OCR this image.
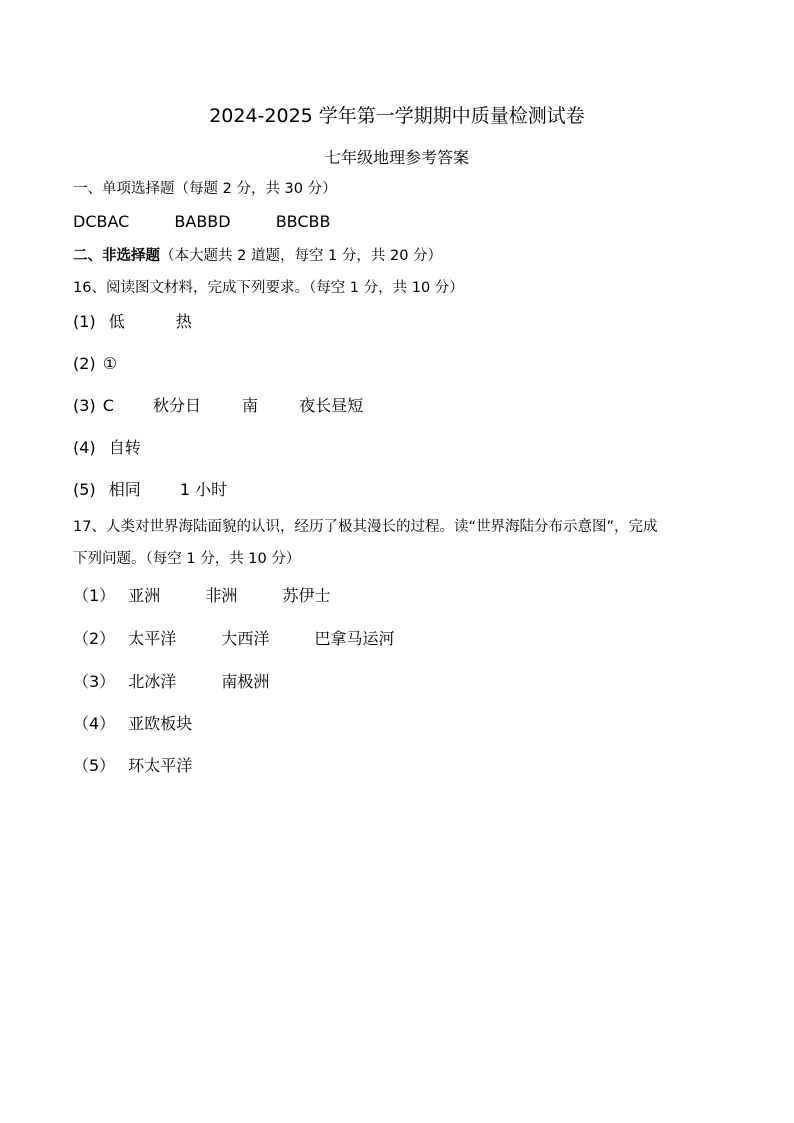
2024-2025 学年第一学期期中质量检测试卷
七年级地理参考答案
一、单项选择题（每题 2 分，共 30 分）
DCBAC	BABBD	BBCBB
二、非选择题（本大题共 2 道题，每空 1 分，共 20 分）
16、阅读图文材料，完成下列要求。（每空 1 分，共 10 分）
(1) 低	热
(2) ①
(3) C 秋分日	南	夜长昼短
(4) 自转
(5) 相同 1 小时
17、人类对世界海陆面貌的认识，经历了极其漫长的过程。读“世界海陆分布示意图”，完成
下列问题。（每空 1 分，共 10 分）
（1） 亚洲	非洲	苏伊士
（2） 太平洋	大西洋	巴拿马运河
（3） 北冰洋	南极洲
（4） 亚欧板块
（5） 环太平洋
